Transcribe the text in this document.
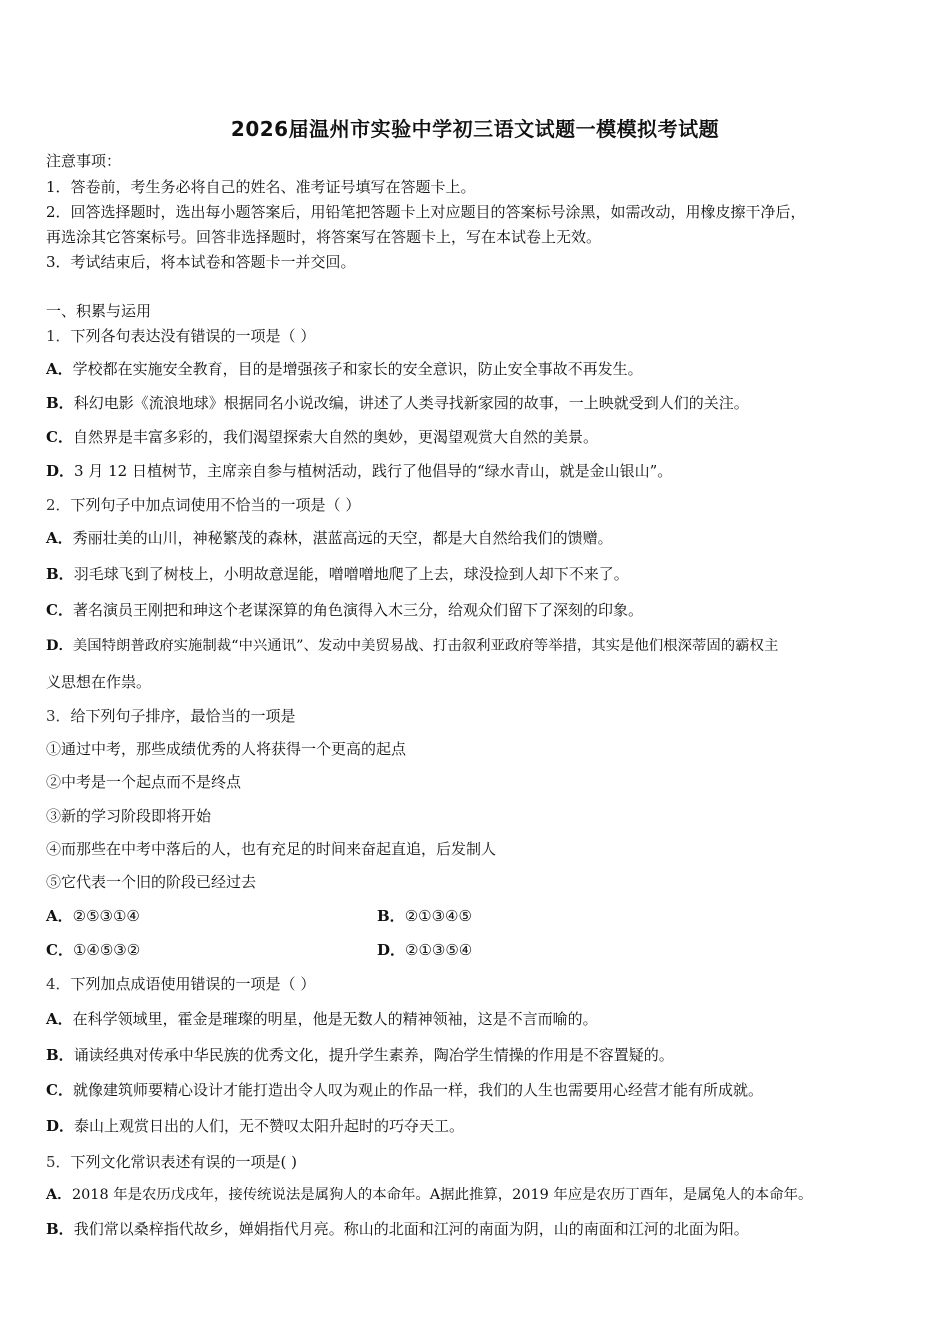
2026届温州市实验中学初三语文试题一模模拟考试题
注意事项：
1．答卷前，考生务必将自己的姓名、准考证号填写在答题卡上。
2．回答选择题时，选出每小题答案后，用铅笔把答题卡上对应题目的答案标号涂黑，如需改动，用橡皮擦干净后，
再选涂其它答案标号。回答非选择题时，将答案写在答题卡上，写在本试卷上无效。
3．考试结束后，将本试卷和答题卡一并交回。
一、积累与运用
1．下列各句表达没有错误的一项是（ ）
A．学校都在实施安全教育，目的是增强孩子和家长的安全意识，防止安全事故不再发生。
B．科幻电影《流浪地球》根据同名小说改编，讲述了人类寻找新家园的故事，一上映就受到人们的关注。
C．自然界是丰富多彩的，我们渴望探索大自然的奥妙，更渴望观赏大自然的美景。
D．3 月 12 日植树节，主席亲自参与植树活动，践行了他倡导的“绿水青山，就是金山银山”。
2．下列句子中加点词使用不恰当的一项是（ ）
A．秀丽壮美的山川，神秘繁茂的森林，湛蓝高远的天空，都是大自然给我们的馈赠。
B．羽毛球飞到了树枝上，小明故意逞能，噌噌噌地爬了上去，球没捡到人却下不来了。
C．著名演员王刚把和珅这个老谋深算的角色演得入木三分，给观众们留下了深刻的印象。
D．美国特朗普政府实施制裁“中兴通讯”、发动中美贸易战、打击叙利亚政府等举措，其实是他们根深蒂固的霸权主
义思想在作祟。
3．给下列句子排序，最恰当的一项是
①通过中考，那些成绩优秀的人将获得一个更高的起点
②中考是一个起点而不是终点
③新的学习阶段即将开始
④而那些在中考中落后的人，也有充足的时间来奋起直追，后发制人
⑤它代表一个旧的阶段已经过去
A．②⑤③①④	B．②①③④⑤
C．①④⑤③②	D．②①③⑤④
4．下列加点成语使用错误的一项是（ ）
A．在科学领域里，霍金是璀璨的明星，他是无数人的精神领袖，这是不言而喻的。
B．诵读经典对传承中华民族的优秀文化，提升学生素养，陶冶学生情操的作用是不容置疑的。
C．就像建筑师要精心设计才能打造出令人叹为观止的作品一样，我们的人生也需要用心经营才能有所成就。
D．泰山上观赏日出的人们，无不赞叹太阳升起时的巧夺天工。
5．下列文化常识表述有误的一项是( )
A．2018 年是农历戊戌年，接传统说法是属狗人的本命年。A据此推算，2019 年应是农历丁酉年，是属兔人的本命年。
B．我们常以桑梓指代故乡，婵娟指代月亮。称山的北面和江河的南面为阴，山的南面和江河的北面为阳。
